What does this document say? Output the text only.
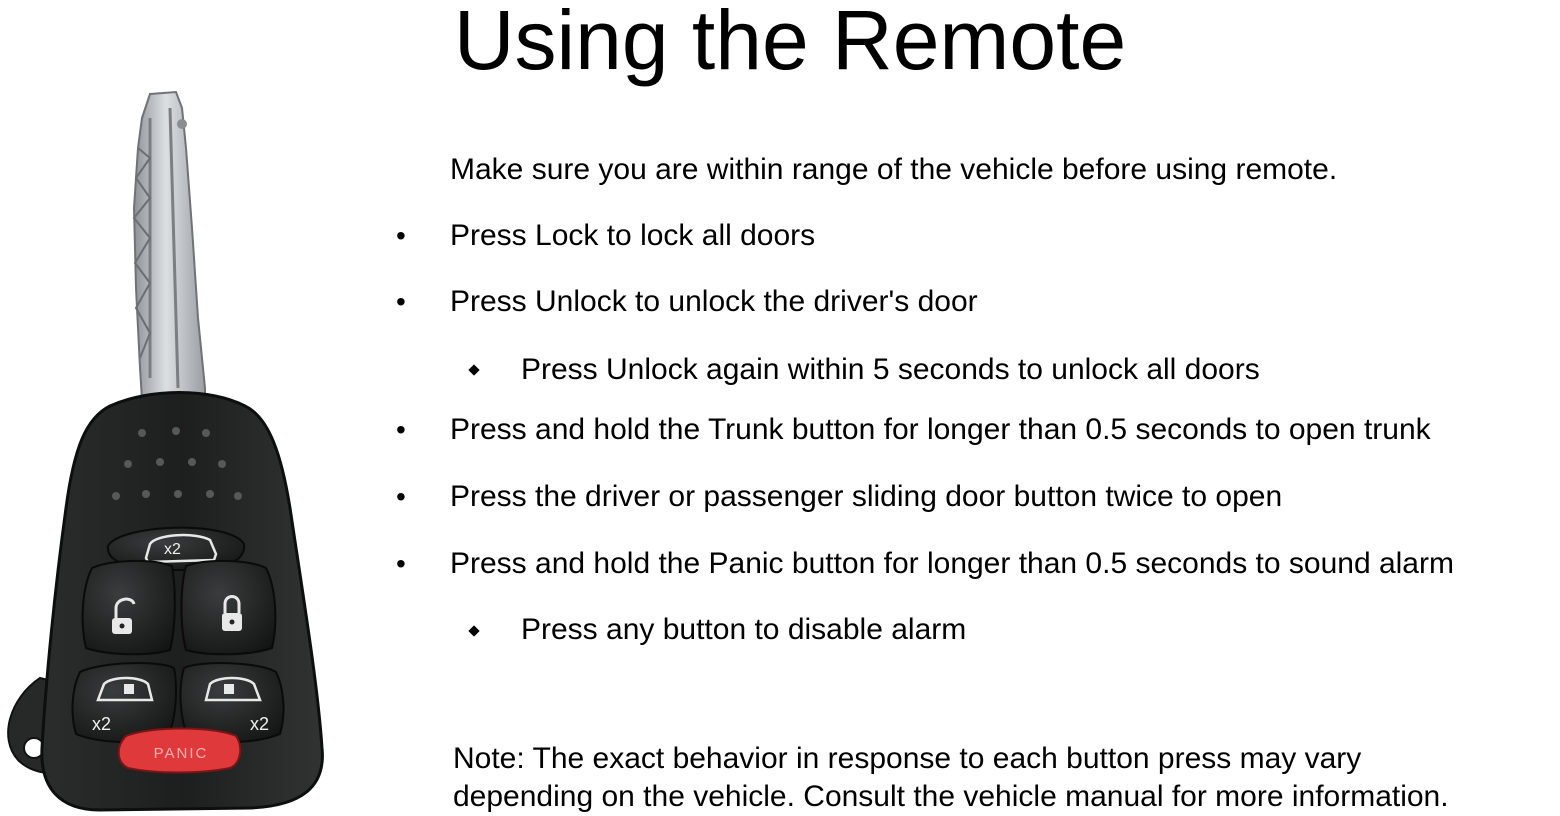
Using the Remote
Make sure you are within range of the vehicle before using remote.
• Press Lock to lock all doors
• Press Unlock to unlock the driver's door
Press Unlock again within 5 seconds to unlock all doors
• Press and hold the Trunk button for longer than 0.5 seconds to open trunk
• Press the driver or passenger sliding door button twice to open
• Press and hold the Panic button for longer than 0.5 seconds to sound alarm
Press any button to disable alarm
Note: The exact behavior in response to each button press may vary
depending on the vehicle. Consult the vehicle manual for more information.
x2
x2	x2
PANIC
